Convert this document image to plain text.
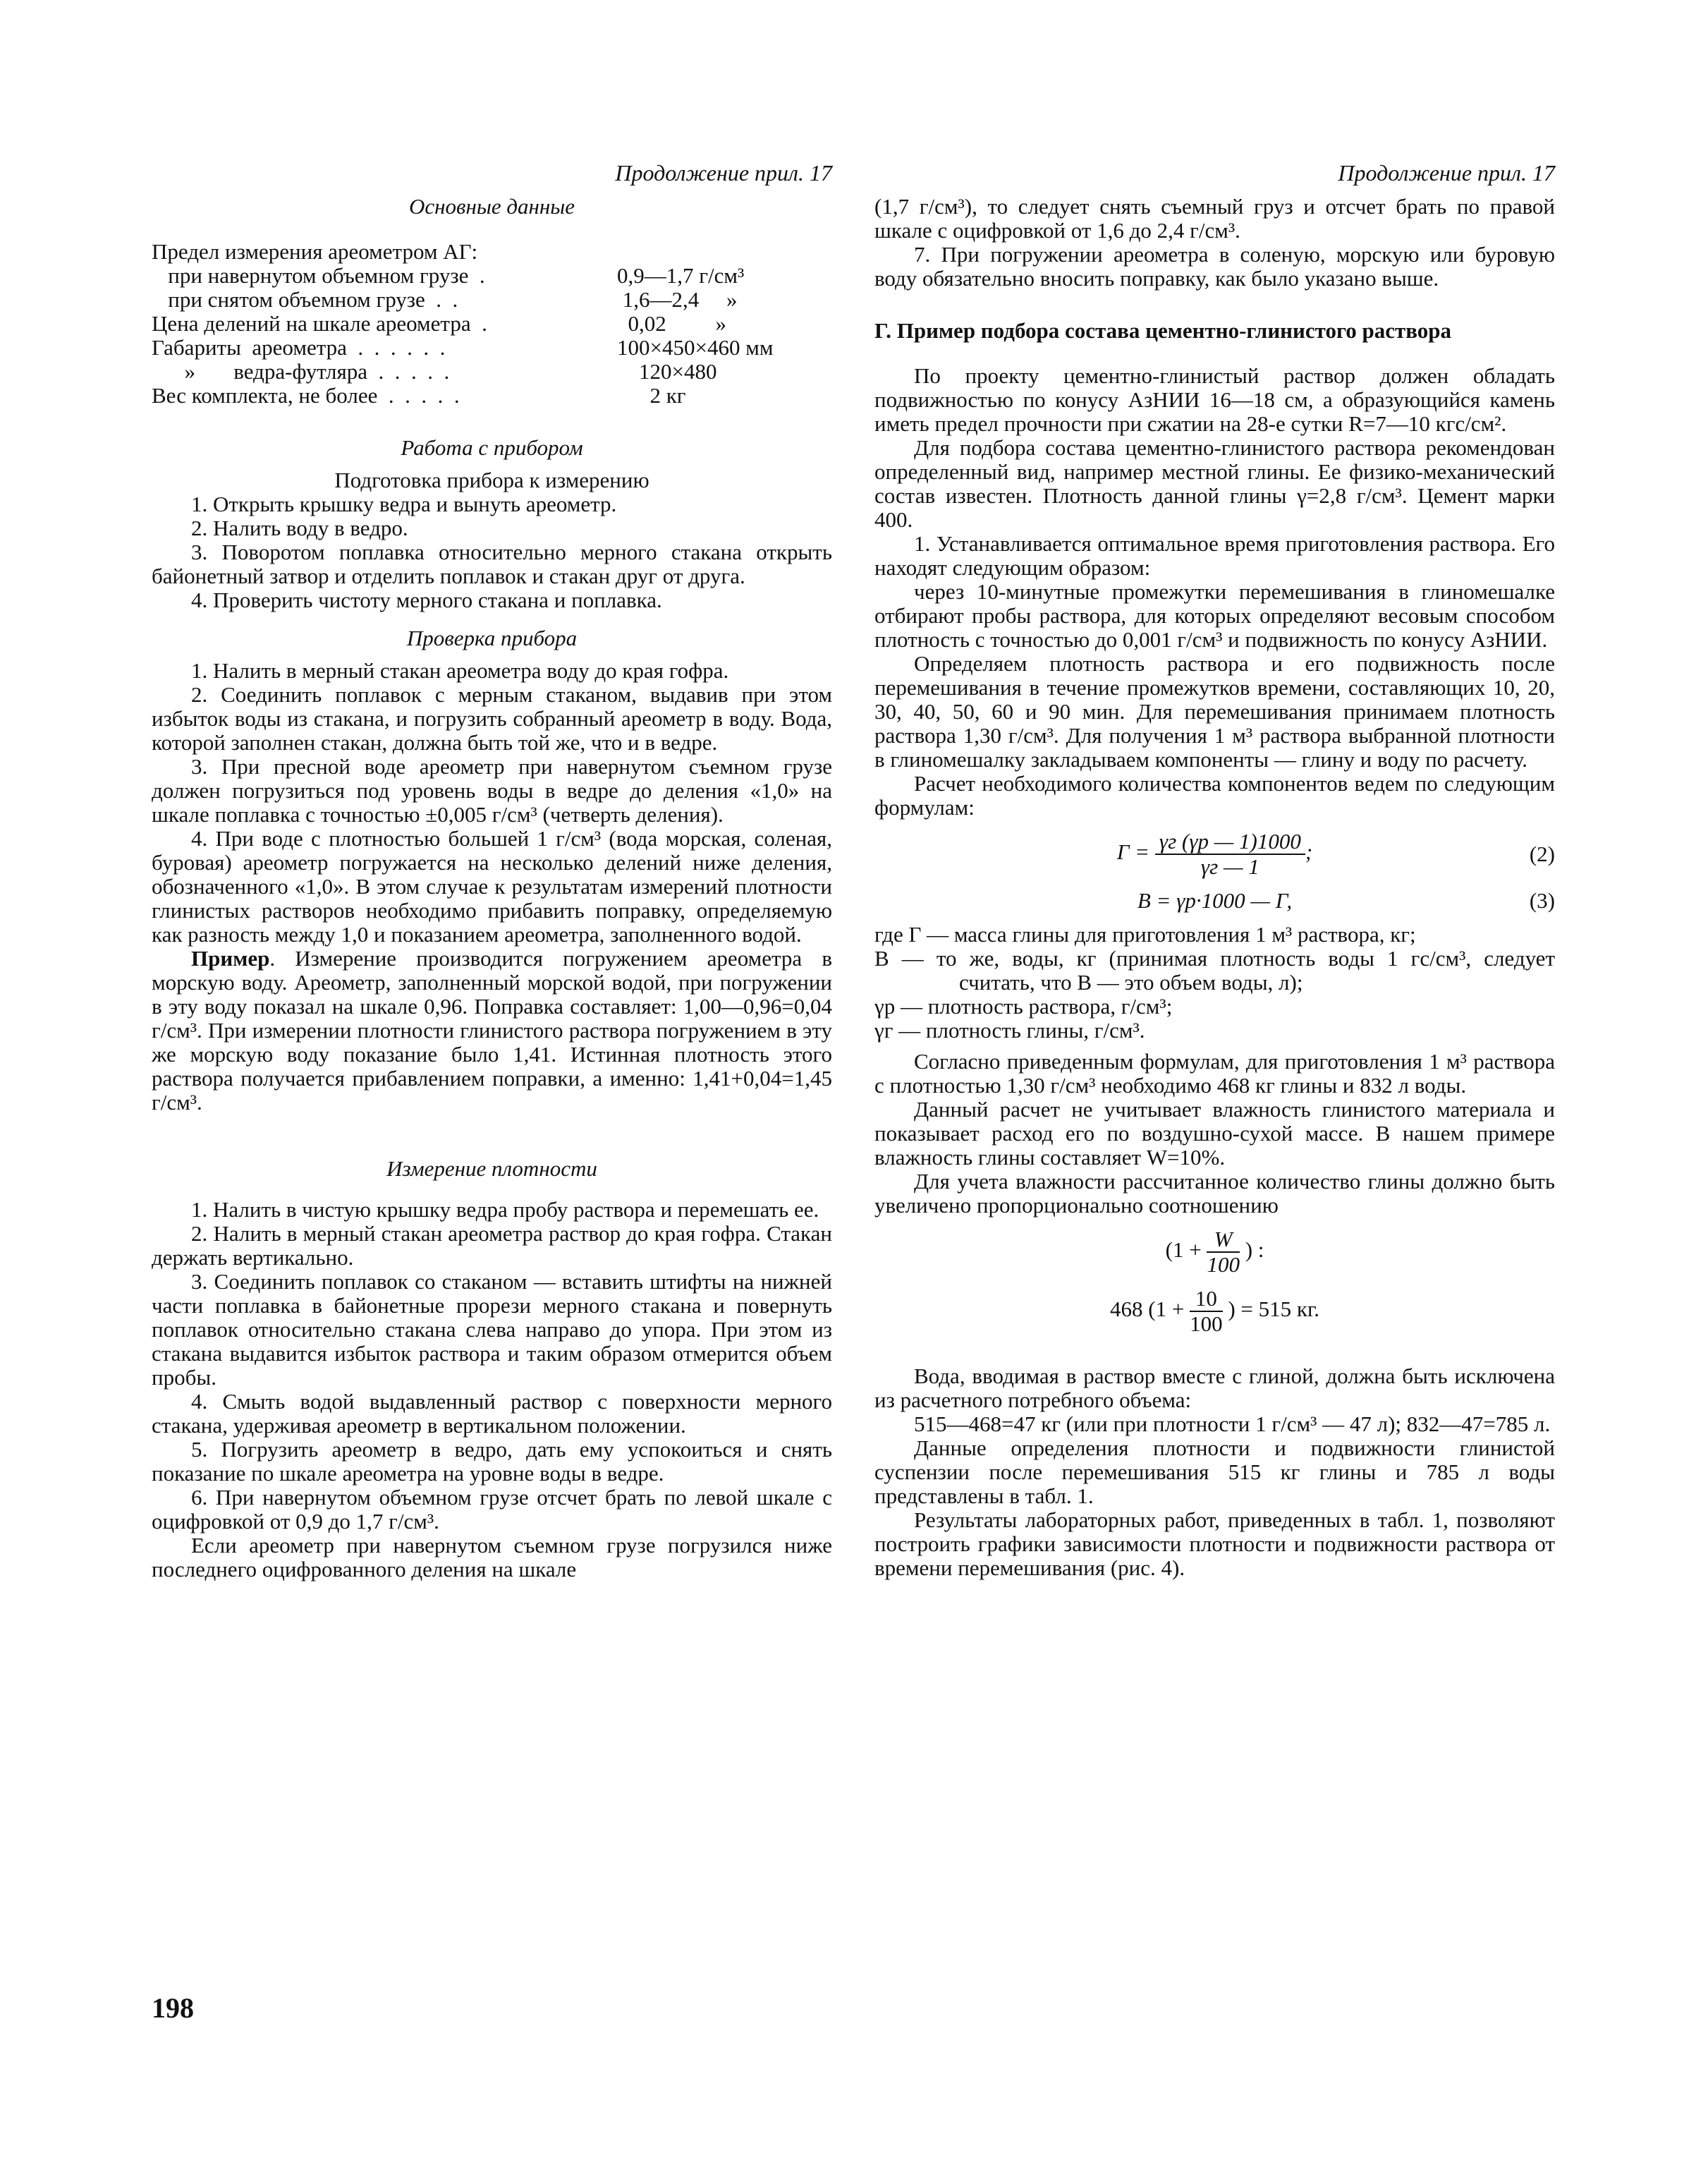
Продолжение прил. 17
Основные данные

Предел измерения ареометром АГ:

при навернутом объемном грузе  .	0,9—1,7 г/см³
при снятом объемном грузе  .  .	1,6—2,4     »
Цена делений на шкале ареометра  .	0,02         »
Габариты  ареометра  .  .  .  .  .  .	100×450×460 мм
»       ведра-футляра  .  .  .  .  .	120×480
Вес комплекта, не более  .  .  .  .  .	2 кг
Работа с прибором
Подготовка прибора к измерению

1. Открыть крышку ведра и вынуть ареометр.

2. Налить воду в ведро.

3. Поворотом поплавка относительно мерного стакана открыть байонетный затвор и отделить поплавок и стакан друг от друга.

4. Проверить чистоту мерного стакана и поплавка.

Проверка прибора

1. Налить в мерный стакан ареометра воду до края гофра.

2. Соединить поплавок с мерным стаканом, выдавив при этом избыток воды из стакана, и погрузить собранный ареометр в воду. Вода, которой заполнен стакан, должна быть той же, что и в ведре.

3. При пресной воде ареометр при навернутом съемном грузе должен погрузиться под уровень воды в ведре до деления «1,0» на шкале поплавка с точностью ±0,005 г/см³ (четверть деления).

4. При воде с плотностью большей 1 г/см³ (вода морская, соленая, буровая) ареометр погружается на несколько делений ниже деления, обозначенного «1,0». В этом случае к результатам измерений плотности глинистых растворов необходимо прибавить поправку, определяемую как разность между 1,0 и показанием ареометра, заполненного водой.

Пример. Измерение производится погружением ареометра в морскую воду. Ареометр, заполненный морской водой, при погружении в эту воду показал на шкале 0,96. Поправка составляет: 1,00—0,96=0,04 г/см³. При измерении плотности глинистого раствора погружением в эту же морскую воду показание было 1,41. Истинная плотность этого раствора получается прибавлением поправки, а именно: 1,41+0,04=1,45 г/см³.

Измерение плотности

1. Налить в чистую крышку ведра пробу раствора и перемешать ее.

2. Налить в мерный стакан ареометра раствор до края гофра. Стакан держать вертикально.

3. Соединить поплавок со стаканом — вставить штифты на нижней части поплавка в байонетные прорези мерного стакана и повернуть поплавок относительно стакана слева направо до упора. При этом из стакана выдавится избыток раствора и таким образом отмерится объем пробы.

4. Смыть водой выдавленный раствор с поверхности мерного стакана, удерживая ареометр в вертикальном положении.

5. Погрузить ареометр в ведро, дать ему успокоиться и снять показание по шкале ареометра на уровне воды в ведре.

6. При навернутом объемном грузе отсчет брать по левой шкале с оцифровкой от 0,9 до 1,7 г/см³.

Если ареометр при навернутом съемном грузе погрузился ниже последнего оцифрованного деления на шкале

Продолжение прил. 17

(1,7 г/см³), то следует снять съемный груз и отсчет брать по правой шкале с оцифровкой от 1,6 до 2,4 г/см³.

7. При погружении ареометра в соленую, морскую или буровую воду обязательно вносить поправку, как было указано выше.

Г. Пример подбора состава цементно-глинистого раствора

По проекту цементно-глинистый раствор должен обладать подвижностью по конусу АзНИИ 16—18 см, а образующийся камень иметь предел прочности при сжатии на 28-е сутки R=7—10 кгс/см².

Для подбора состава цементно-глинистого раствора рекомендован определенный вид, например местной глины. Ее физико-механический состав известен. Плотность данной глины γ=2,8 г/см³. Цемент марки 400.

1. Устанавливается оптимальное время приготовления раствора. Его находят следующим образом:

через 10-минутные промежутки перемешивания в глиномешалке отбирают пробы раствора, для которых определяют весовым способом плотность с точностью до 0,001 г/см³ и подвижность по конусу АзНИИ.

Определяем плотность раствора и его подвижность после перемешивания в течение промежутков времени, составляющих 10, 20, 30, 40, 50, 60 и 90 мин. Для перемешивания принимаем плотность раствора 1,30 г/см³. Для получения 1 м³ раствора выбранной плотности в глиномешалку закладываем компоненты — глину и воду по расчету.

Расчет необходимого количества компонентов ведем по следующим формулам:

$Г = \frac{\gamma г (\gamma р — 1)1000}{\gamma г — 1}$ ;	(2)
B = γр·1000 — Г,	(3)
где Г — масса глины для приготовления 1 м³ раствора, кг;
B — то же, воды, кг (принимая плотность воды 1 гс/см³, следует считать, что B — это объем воды, л);
γр — плотность раствора, г/см³;
γг — плотность глины, г/см³.

Согласно приведенным формулам, для приготовления 1 м³ раствора с плотностью 1,30 г/см³ необходимо 468 кг глины и 832 л воды.

Данный расчет не учитывает влажность глинистого материала и показывает расход его по воздушно-сухой массе. В нашем примере влажность глины составляет W=10%.

Для учета влажности рассчитанное количество глины должно быть увеличено пропорционально соотношению

($1 + \frac{W}{100}$ ) :
468 ($1 + \frac{10}{100}$ ) = 515 кг.

Вода, вводимая в раствор вместе с глиной, должна быть исключена из расчетного потребного объема:

515—468=47 кг (или при плотности 1 г/см³ — 47 л); 832—47=785 л.

Данные определения плотности и подвижности глинистой суспензии после перемешивания 515 кг глины и 785 л воды представлены в табл. 1.

Результаты лабораторных работ, приведенных в табл. 1, позволяют построить графики зависимости плотности и подвижности раствора от времени перемешивания (рис. 4).

198
